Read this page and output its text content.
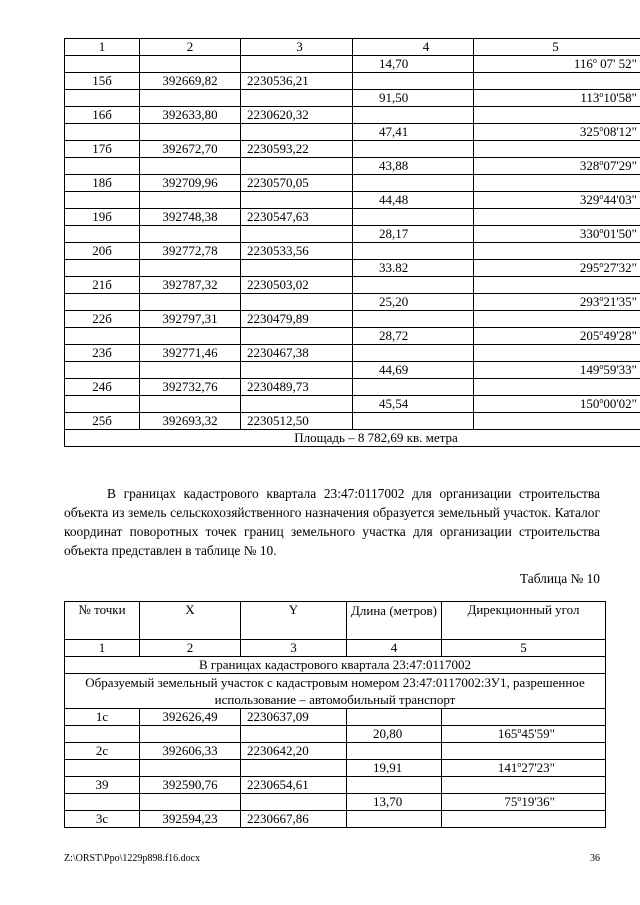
1	2	3	4	5
			14,70	116$^o$ 07' 52"
15б	392669,82	2230536,21		
			91,50	113$^o$10'58"
16б	392633,80	2230620,32		
			47,41	325$^o$08'12"
17б	392672,70	2230593,22		
			43,88	328$^o$07'29"
18б	392709,96	2230570,05		
			44,48	329$^o$44'03"
19б	392748,38	2230547,63		
			28,17	330$^o$01'50"
20б	392772,78	2230533,56		
			33.82	295$^o$27'32"
21б	392787,32	2230503,02		
			25,20	293$^o$21'35"
22б	392797,31	2230479,89		
			28,72	205$^o$49'28"
23б	392771,46	2230467,38		
			44,69	149$^o$59'33"
24б	392732,76	2230489,73		
			45,54	150$^o$00'02"
25б	392693,32	2230512,50		
Площадь – 8 782,69 кв. метра				

В границах кадастрового квартала 23:47:0117002 для организации строительства объекта из земель сельскохозяйственного назначения образуется земельный участок. Каталог координат поворотных точек границ земельного участка для организации строительства объекта представлен в таблице № 10.

Таблица № 10
№ точки	X	Y	Длина (метров)	Дирекционный угол
1	2	3	4	5
В границах кадастрового квартала 23:47:0117002				
Образуемый земельный участок с кадастровым номером 23:47:0117002:ЗУ1, разрешенное использование – автомобильный транспорт				
1с	392626,49	2230637,09		
			20,80	165$^o$45'59"
2с	392606,33	2230642,20		
			19,91	141$^o$27'23"
39	392590,76	2230654,61		
			13,70	75$^o$19'36"
3с	392594,23	2230667,86		
Z:\ORST\Ppo\1229p898.f16.docx	36
